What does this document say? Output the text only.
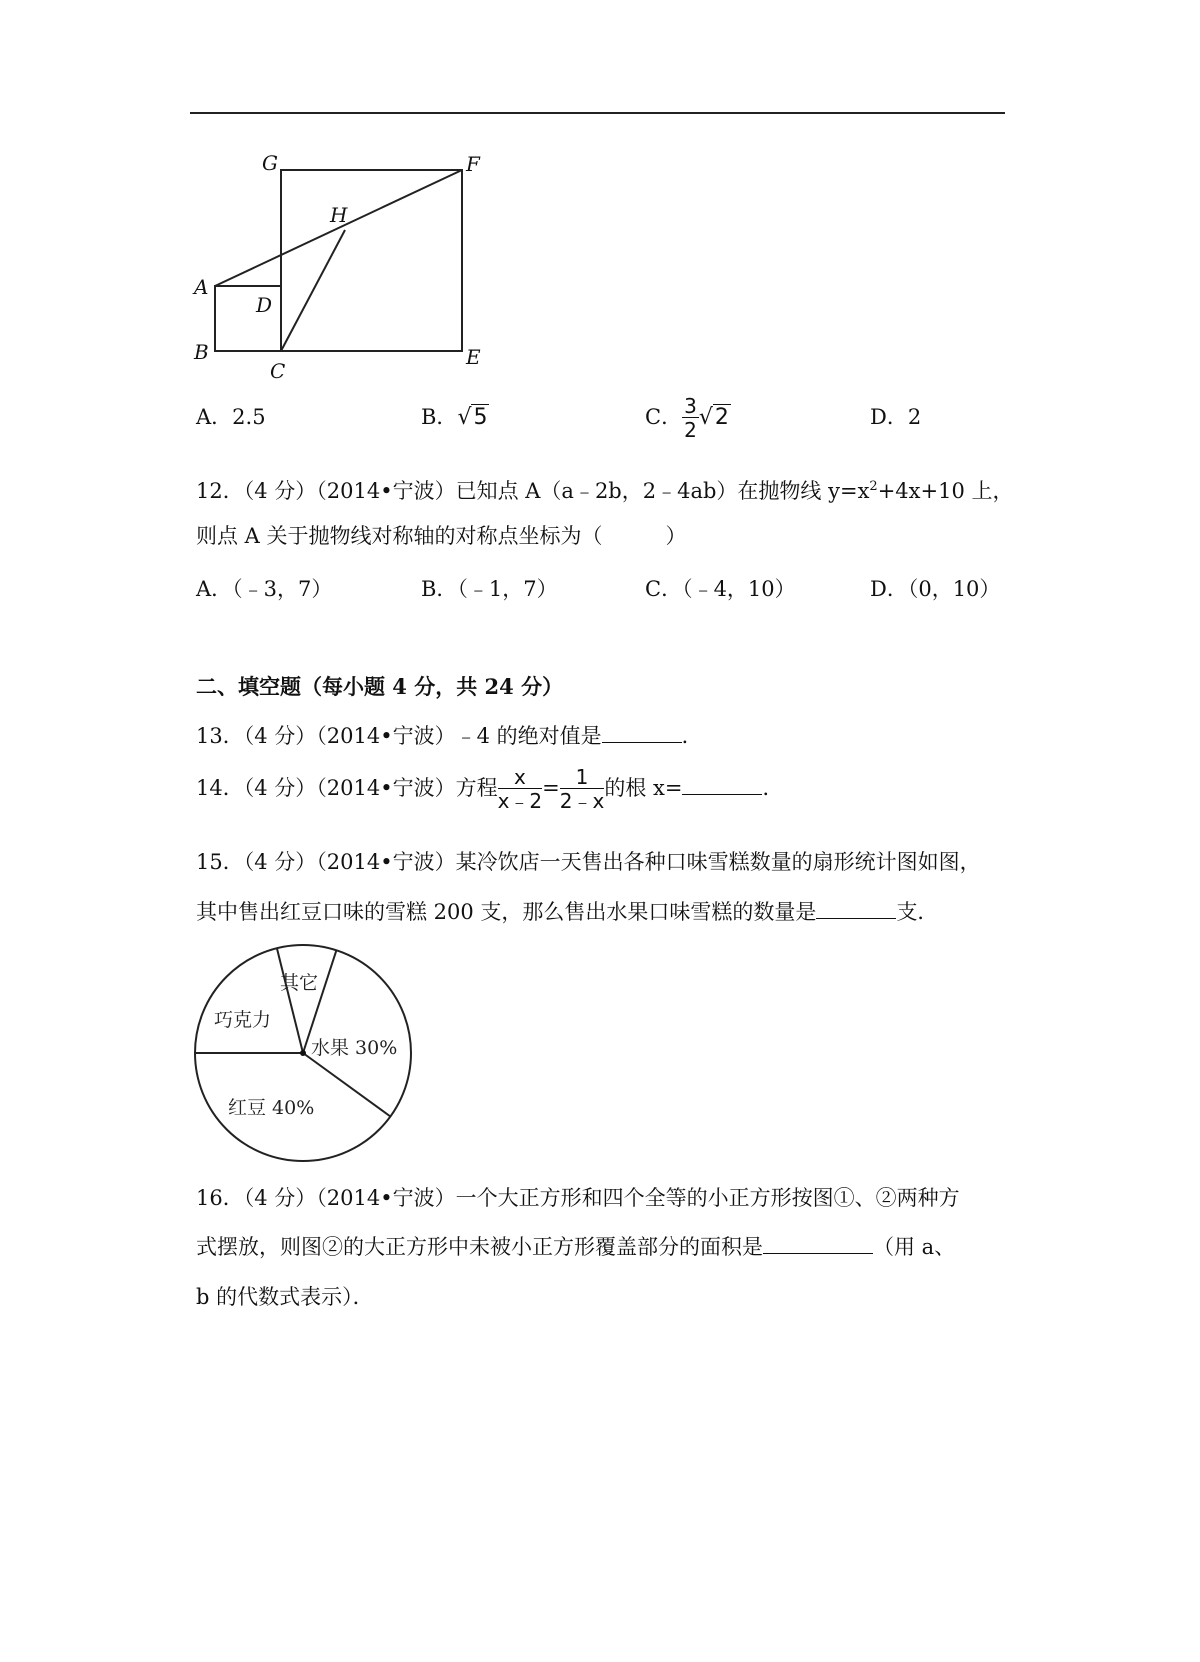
G	F
H
A
D
B
C
E
A．2.5	B．√5	C． $\frac{3}{2} √2$	D．2
12．（4 分）（2014•宁波）已知点 A（a﹣2b，2﹣4ab）在抛物线 $y=x^2+4x+10$ 上，
则点 A 关于抛物线对称轴的对称点坐标为（　　　）
A．（﹣3，7）	B．（﹣1，7）	C．（﹣4，10）	D．（0，10）
二、填空题（每小题 4 分，共 24 分）
13．（4 分）（2014•宁波）﹣4 的绝对值是	．
14．（4 分）（2014•宁波）方程 $\frac{x}{x﹣2} = \frac{1}{2﹣x}$ 的根 x=	．
15．（4 分）（2014•宁波）某冷饮店一天售出各种口味雪糕数量的扇形统计图如图，
其中售出红豆口味的雪糕 200 支，那么售出水果口味雪糕的数量是	支．
其它
巧克力
水果 30%
红豆 40%
16．（4 分）（2014•宁波）一个大正方形和四个全等的小正方形按图①、②两种方
式摆放，则图②的大正方形中未被小正方形覆盖部分的面积是	（用 a、
b 的代数式表示）．
